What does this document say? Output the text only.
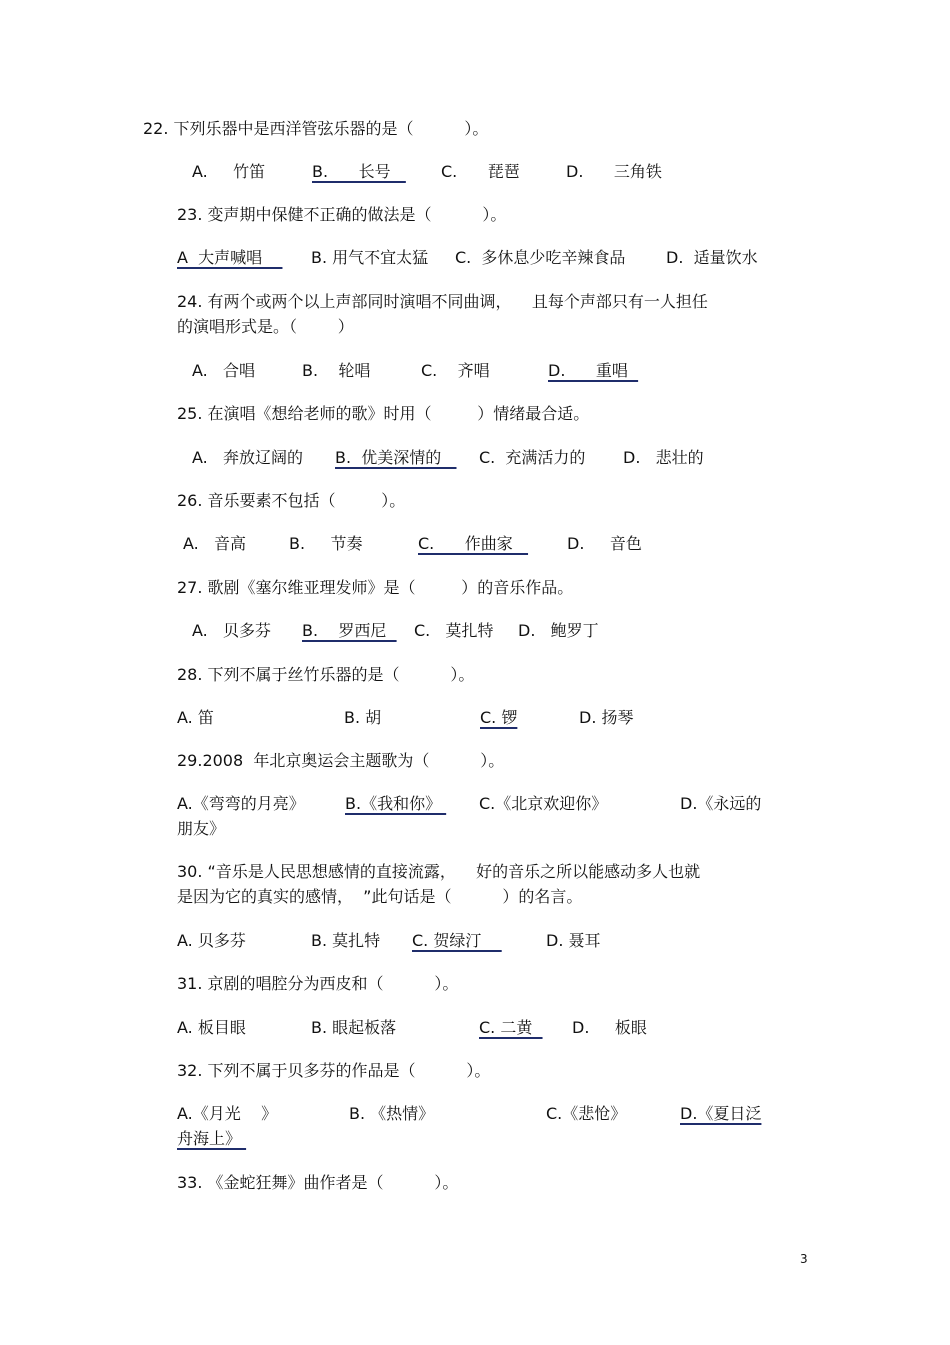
22. 下列乐器中是西洋管弦乐器的是（          ）。
A.     竹笛	B.      长号 C.      琵琶	D.      三角铁
23. 变声期中保健不正确的做法是（          ）。
A  大声喊唱 B. 用气不宜太猛 C.  多休息少吃辛辣食品	D.  适量饮水
24. 有两个或两个以上声部同时演唱不同曲调，    且每个声部只有一人担任
的演唱形式是。（        ）
A.   合唱	B.    轮唱	C.    齐唱	D.      重唱
25. 在演唱《想给老师的歌》时用（         ）情绪最合适。
A.   奔放辽阔的 B.  优美深情的 C.  充满活力的 D.   悲壮的
26. 音乐要素不包括（         ）。
A.   音高	B.     节奏	C.      作曲家 D.     音色
27. 歌剧《塞尔维亚理发师》是（         ）的音乐作品。
A.   贝多芬 B.    罗西尼 C.   莫扎特 D.   鲍罗丁
28. 下列不属于丝竹乐器的是（          ）。
A. 笛	B. 胡	C. 锣	D. 扬琴
29.2008  年北京奥运会主题歌为（          ）。
A.《弯弯的月亮》	B.《我和你》 C.《北京欢迎你》	D.《永远的
朋友》
30. “音乐是人民思想感情的直接流露，    好的音乐之所以能感动多人也就
是因为它的真实的感情，  ”此句话是（          ）的名言。
A. 贝多芬	B. 莫扎特 C. 贺绿汀	D. 聂耳
31. 京剧的唱腔分为西皮和（          ）。
A. 板目眼	B. 眼起板落	C. 二黄 D.     板眼
32. 下列不属于贝多芬的作品是（          ）。
A.《月光    》	B. 《热情》	C.《悲怆》	D.《夏日泛
舟海上》
33. 《金蛇狂舞》曲作者是（          ）。
3
